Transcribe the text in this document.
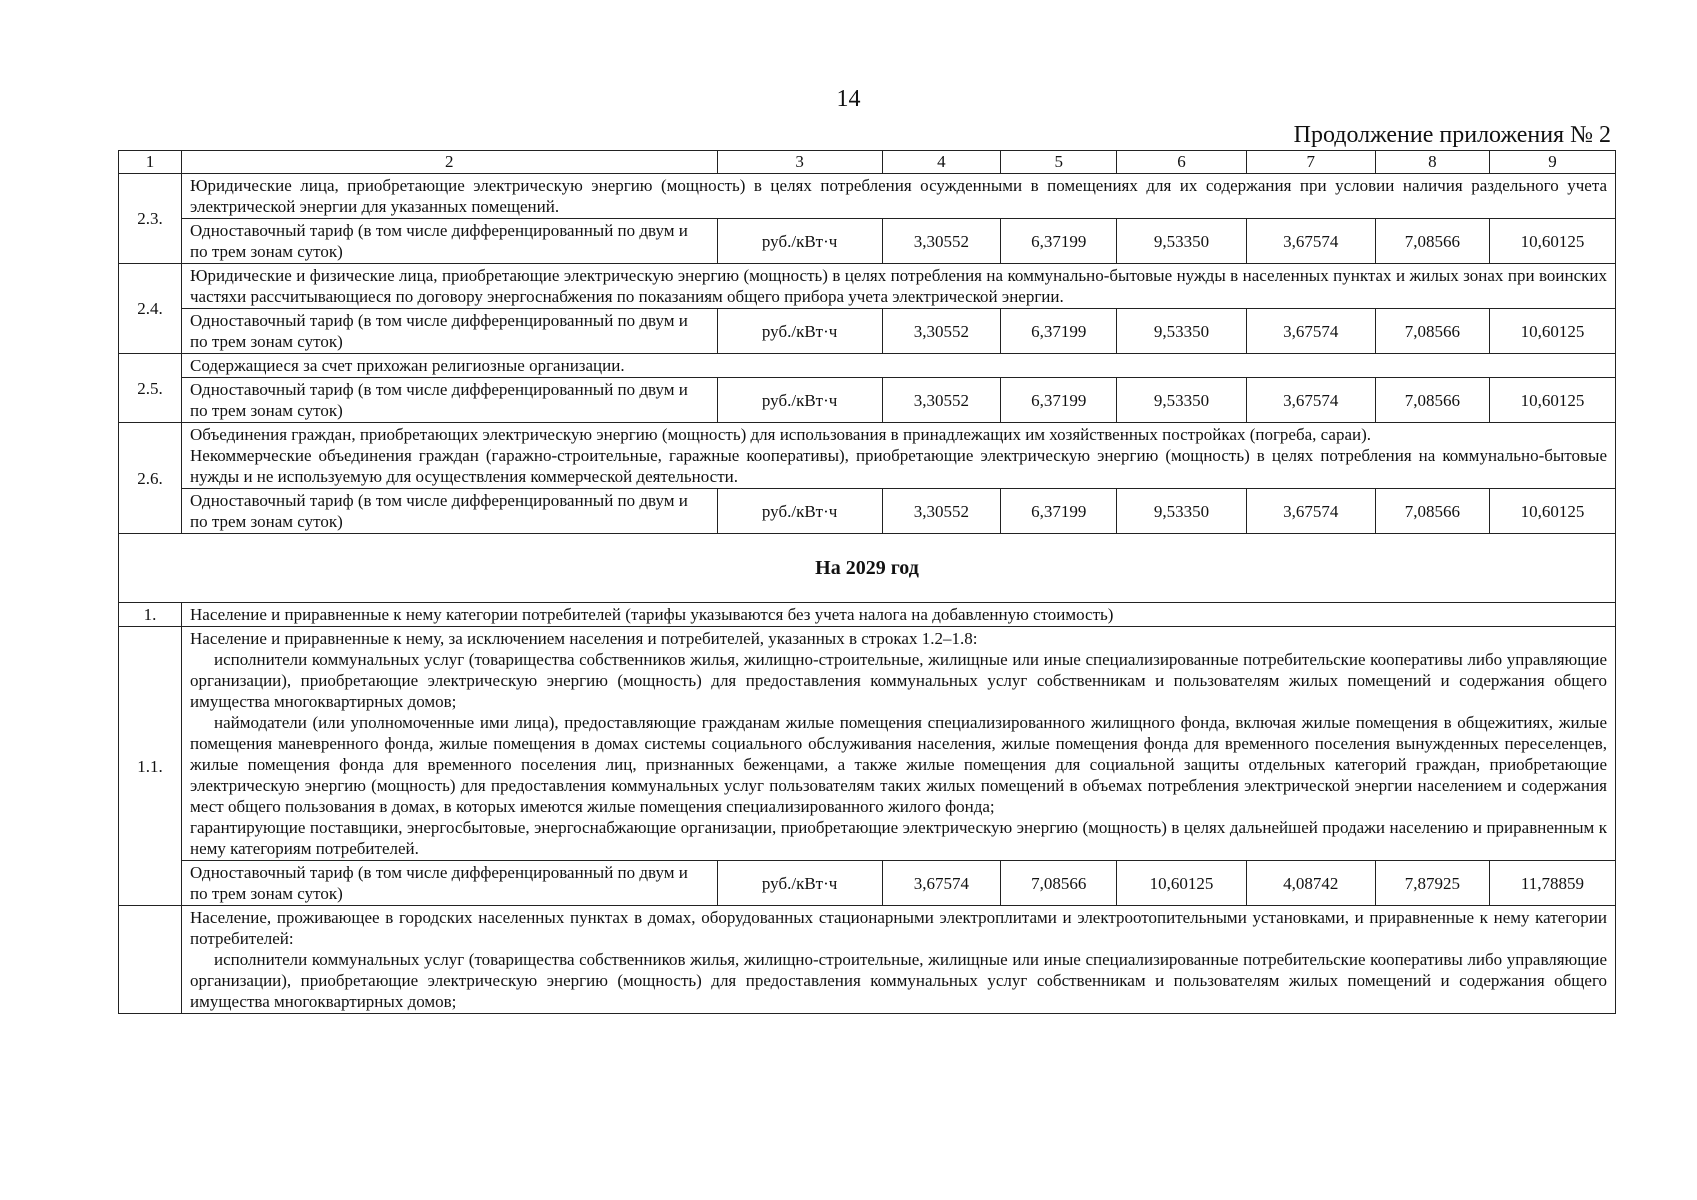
14
Продолжение приложения № 2
1	2	3	4	5	6	7	8	9
2.3.	Юридические лица, приобретающие электрическую энергию (мощность) в целях потребления осужденными в помещениях для их содержания при условии наличия раздельного учета электрической энергии для указанных помещений.							
	Одноставочный тариф (в том числе дифференцированный по двум и по трем зонам суток)	руб./кВт·ч	3,30552	6,37199	9,53350	3,67574	7,08566	10,60125
2.4.	Юридические и физические лица, приобретающие электрическую энергию (мощность) в целях потребления на коммунально-бытовые нужды в населенных пунктах и жилых зонах при воинских частяхи рассчитывающиеся по договору энергоснабжения по показаниям общего прибора учета электрической энергии.							
	Одноставочный тариф (в том числе дифференцированный по двум и по трем зонам суток)	руб./кВт·ч	3,30552	6,37199	9,53350	3,67574	7,08566	10,60125
2.5.	Содержащиеся за счет прихожан религиозные организации.							
	Одноставочный тариф (в том числе дифференцированный по двум и по трем зонам суток)	руб./кВт·ч	3,30552	6,37199	9,53350	3,67574	7,08566	10,60125
2.6.	Объединения граждан, приобретающих электрическую энергию (мощность) для использования в принадлежащих им хозяйственных постройках (погреба, сараи).
Некоммерческие объединения граждан (гаражно-строительные, гаражные кооперативы), приобретающие электрическую энергию (мощность) в целях потребления на коммунально-бытовые нужды и не используемую для осуществления коммерческой деятельности.							

	Одноставочный тариф (в том числе дифференцированный по двум и по трем зонам суток)	руб./кВт·ч	3,30552	6,37199	9,53350	3,67574	7,08566	10,60125
На 2029 год								
1.	Население и приравненные к нему категории потребителей (тарифы указываются без учета налога на добавленную стоимость)							
1.1.	Население и приравненные к нему, за исключением населения и потребителей, указанных в строках 1.2–1.8:
исполнители коммунальных услуг (товарищества собственников жилья, жилищно-строительные, жилищные или иные специализированные потребительские кооперативы либо управляющие организации), приобретающие электрическую энергию (мощность) для предоставления коммунальных услуг собственникам и пользователям жилых помещений и содержания общего имущества многоквартирных домов;
наймодатели (или уполномоченные ими лица), предоставляющие гражданам жилые помещения специализированного жилищного фонда, включая жилые помещения в общежитиях, жилые помещения маневренного фонда, жилые помещения в домах системы социального обслуживания населения, жилые помещения фонда для временного поселения вынужденных переселенцев, жилые помещения фонда для временного поселения лиц, признанных беженцами, а также жилые помещения для социальной защиты отдельных категорий граждан, приобретающие электрическую энергию (мощность) для предоставления коммунальных услуг пользователям таких жилых помещений в объемах потребления электрической энергии населением и содержания мест общего пользования в домах, в которых имеются жилые помещения специализированного жилого фонда;
гарантирующие поставщики, энергосбытовые, энергоснабжающие организации, приобретающие электрическую энергию (мощность) в целях дальнейшей продажи населению и приравненным к нему категориям потребителей.							

	Одноставочный тариф (в том числе дифференцированный по двум и по трем зонам суток)	руб./кВт·ч	3,67574	7,08566	10,60125	4,08742	7,87925	11,78859

	Население, проживающее в городских населенных пунктах в домах, оборудованных стационарными электроплитами и электроотопительными установками, и приравненные к нему категории потребителей:
исполнители коммунальных услуг (товарищества собственников жилья, жилищно-строительные, жилищные или иные специализированные потребительские кооперативы либо управляющие организации), приобретающие электрическую энергию (мощность) для предоставления коммунальных услуг собственникам и пользователям жилых помещений и содержания общего имущества многоквартирных домов;							
